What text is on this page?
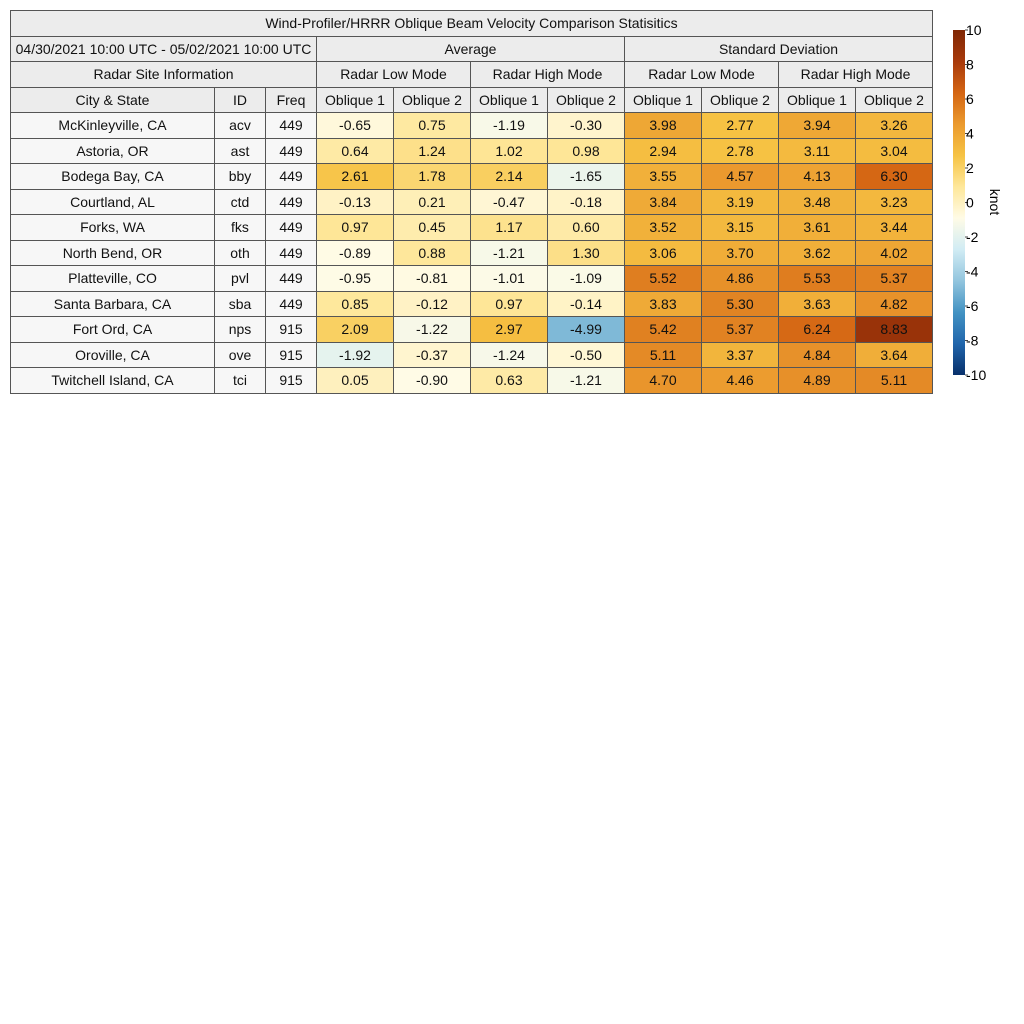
Wind-Profiler/HRRR Oblique Beam Velocity Comparison Statisitics										
04/30/2021 10:00 UTC - 05/02/2021 10:00 UTC			Average				Standard Deviation			
Radar Site Information			Radar Low Mode		Radar High Mode		Radar Low Mode		Radar High Mode	
City & State	ID	Freq	Oblique 1	Oblique 2	Oblique 1	Oblique 2	Oblique 1	Oblique 2	Oblique 1	Oblique 2
McKinleyville, CA	acv	449	-0.65	0.75	-1.19	-0.30	3.98	2.77	3.94	3.26
Astoria, OR	ast	449	0.64	1.24	1.02	0.98	2.94	2.78	3.11	3.04
Bodega Bay, CA	bby	449	2.61	1.78	2.14	-1.65	3.55	4.57	4.13	6.30
Courtland, AL	ctd	449	-0.13	0.21	-0.47	-0.18	3.84	3.19	3.48	3.23
Forks, WA	fks	449	0.97	0.45	1.17	0.60	3.52	3.15	3.61	3.44
North Bend, OR	oth	449	-0.89	0.88	-1.21	1.30	3.06	3.70	3.62	4.02
Platteville, CO	pvl	449	-0.95	-0.81	-1.01	-1.09	5.52	4.86	5.53	5.37
Santa Barbara, CA	sba	449	0.85	-0.12	0.97	-0.14	3.83	5.30	3.63	4.82
Fort Ord, CA	nps	915	2.09	-1.22	2.97	-4.99	5.42	5.37	6.24	8.83
Oroville, CA	ove	915	-1.92	-0.37	-1.24	-0.50	5.11	3.37	4.84	3.64
Twitchell Island, CA	tci	915	0.05	-0.90	0.63	-1.21	4.70	4.46	4.89	5.11
10
8
6
4
2
0
-2
-4
-6
-8
-10
knot
